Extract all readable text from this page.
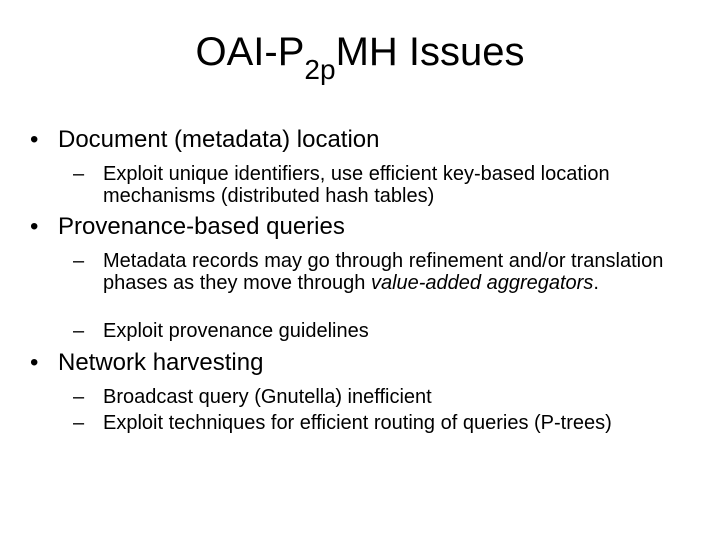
OAI-$P_{2p}MH$ Issues
• Document (metadata) location
– Exploit unique identifiers, use efficient key-based location mechanisms (distributed hash tables)
• Provenance-based queries
– Metadata records may go through refinement and/or translation phases as they move through value-added aggregators.
– Exploit provenance guidelines
• Network harvesting
– Broadcast query (Gnutella) inefficient
– Exploit techniques for efficient routing of queries (P-trees)
